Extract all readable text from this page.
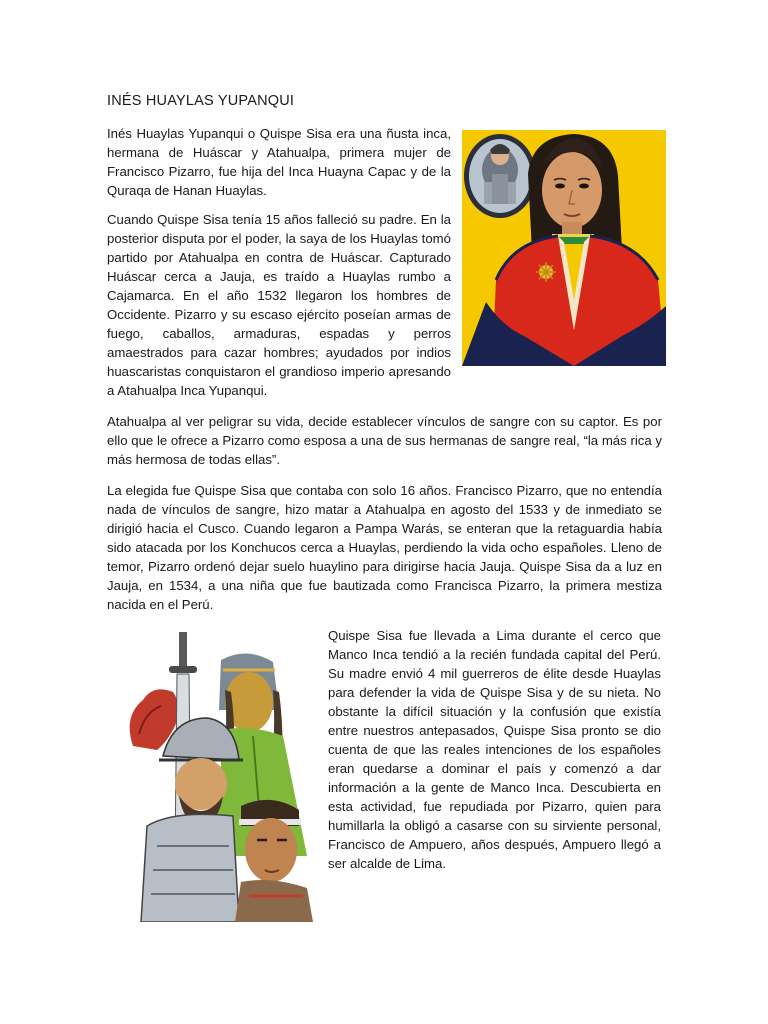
INÉS HUAYLAS YUPANQUI

Inés Huaylas Yupanqui o Quispe Sisa era una ñusta inca, hermana de Huáscar y Atahualpa, primera mujer de Francisco Pizarro, fue hija del Inca Huayna Capac y de la Quraqa de Hanan Huaylas.

Cuando Quispe Sisa tenía 15 años falleció su padre. En la posterior disputa por el poder, la saya de los Huaylas tomó partido por Atahualpa en contra de Huáscar. Capturado Huáscar cerca a Jauja, es traído a Huaylas rumbo a Cajamarca. En el año 1532 llegaron los hombres de Occidente. Pizarro y su escaso ejército poseían armas de fuego, caballos, armaduras, espadas y perros amaestrados para cazar hombres; ayudados por indios huascaristas conquistaron el grandioso imperio apresando a Atahualpa Inca Yupanqui.

Atahualpa al ver peligrar su vida, decide establecer vínculos de sangre con su captor. Es por ello que le ofrece a Pizarro como esposa a una de sus hermanas de sangre real, “la más rica y más hermosa de todas ellas”.

La elegida fue Quispe Sisa que contaba con solo 16 años. Francisco Pizarro, que no entendía nada de vínculos de sangre, hizo matar a Atahualpa en agosto del 1533 y de inmediato se dirigió hacia el Cusco. Cuando legaron a Pampa Warás, se enteran que la retaguardia había sido atacada por los Konchucos cerca a Huaylas, perdiendo la vida ocho españoles. Lleno de temor, Pizarro ordenó dejar suelo huaylino para dirigirse hacia Jauja. Quispe Sisa da a luz en Jauja, en 1534, a una niña que fue bautizada como Francisca Pizarro, la primera mestiza nacida en el Perú.

Quispe Sisa fue llevada a Lima durante el cerco que Manco Inca tendió a la recién fundada capital del Perú. Su madre envió 4 mil guerreros de élite desde Huaylas para defender la vida de Quispe Sisa y de su nieta. No obstante la difícil situación y la confusión que existía entre nuestros antepasados, Quispe Sisa pronto se dio cuenta de que las reales intenciones de los españoles eran quedarse a dominar el país y comenzó a dar información a la gente de Manco Inca. Descubierta en esta actividad, fue repudiada por Pizarro, quien para humillarla la obligó a casarse con su sirviente personal, Francisco de Ampuero, años después, Ampuero llegó a ser alcalde de Lima.
